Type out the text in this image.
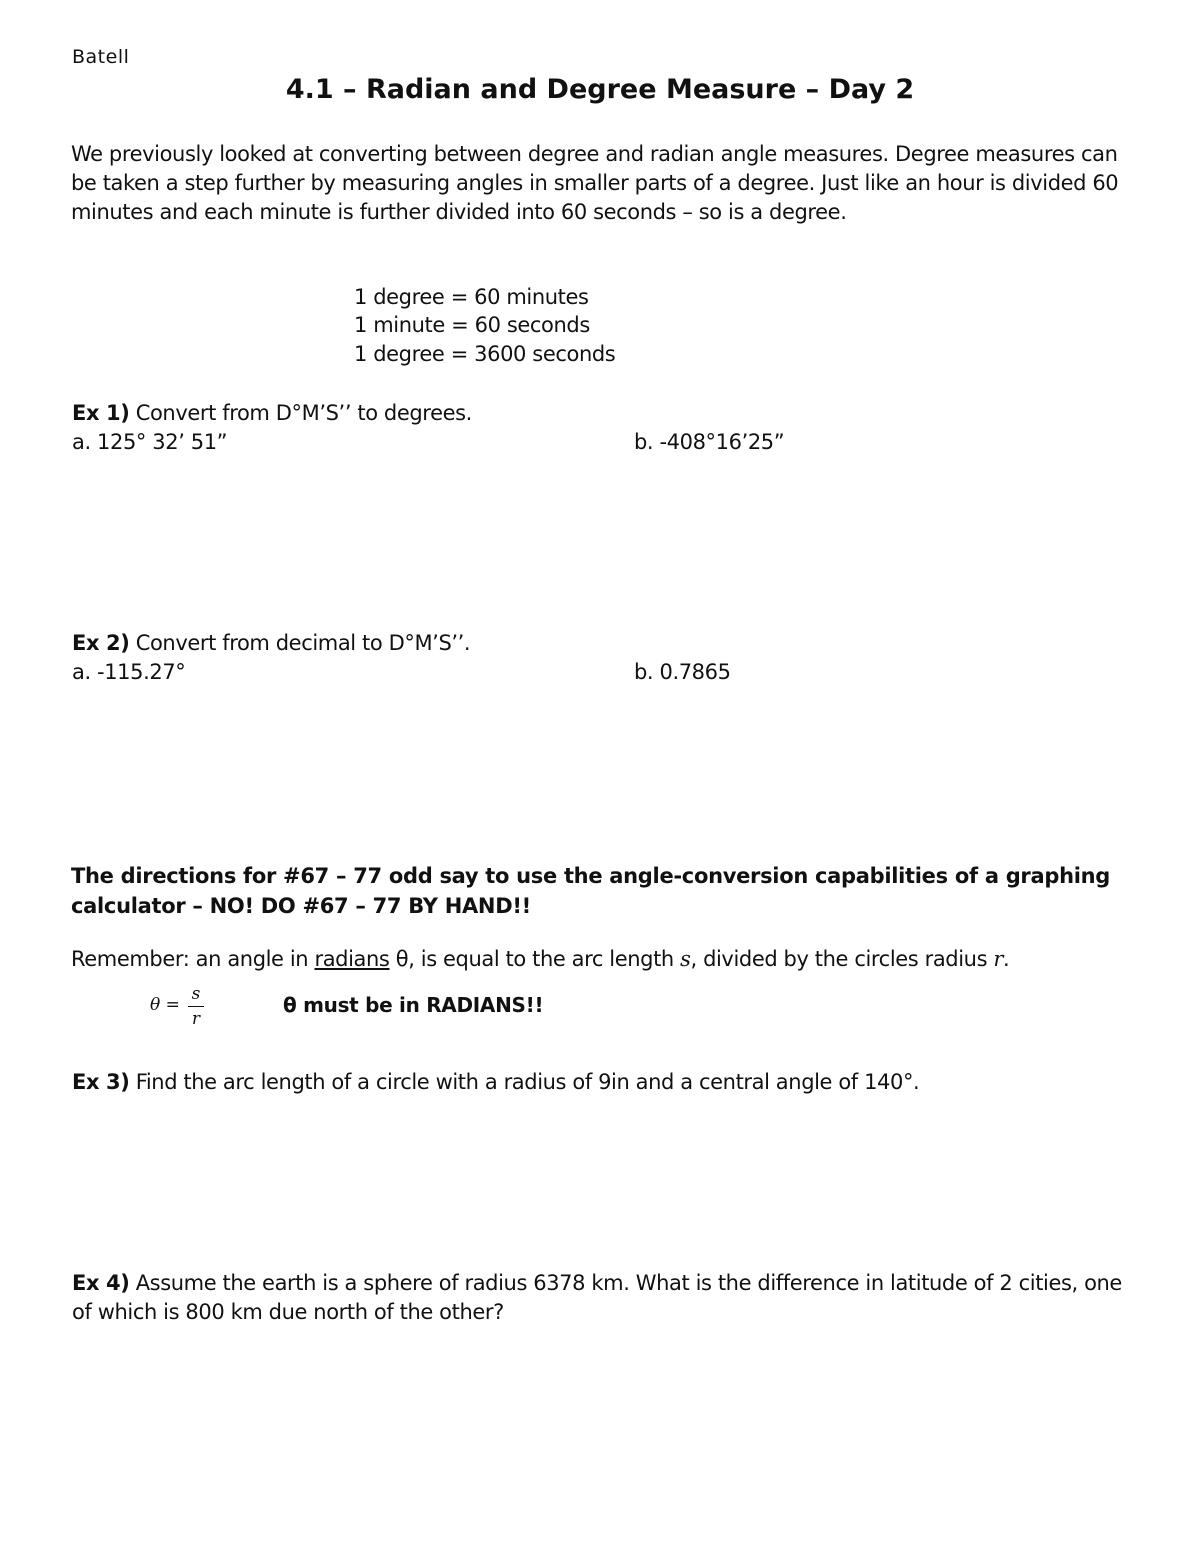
Batell
4.1 – Radian and Degree Measure – Day 2
We previously looked at converting between degree and radian angle measures. Degree measures can be taken a step further by measuring angles in smaller parts of a degree. Just like an hour is divided 60 minutes and each minute is further divided into 60 seconds – so is a degree.
1 degree = 60 minutes
1 minute = 60 seconds
1 degree = 3600 seconds
Ex 1) Convert from D°M’S’’ to degrees.
a. 125° 32’ 51”	b. -408°16’25”
Ex 2) Convert from decimal to D°M’S’’.
a. -115.27°	b. 0.7865
The directions for #67 – 77 odd say to use the angle-conversion capabilities of a graphing calculator – NO! DO #67 – 77 BY HAND!!
Remember: an angle in radians θ, is equal to the arc length s, divided by the circles radius r.
θ =
s
r
θ must be in RADIANS!!
Ex 3) Find the arc length of a circle with a radius of 9in and a central angle of 140°.
Ex 4) Assume the earth is a sphere of radius 6378 km. What is the difference in latitude of 2 cities, one of which is 800 km due north of the other?
